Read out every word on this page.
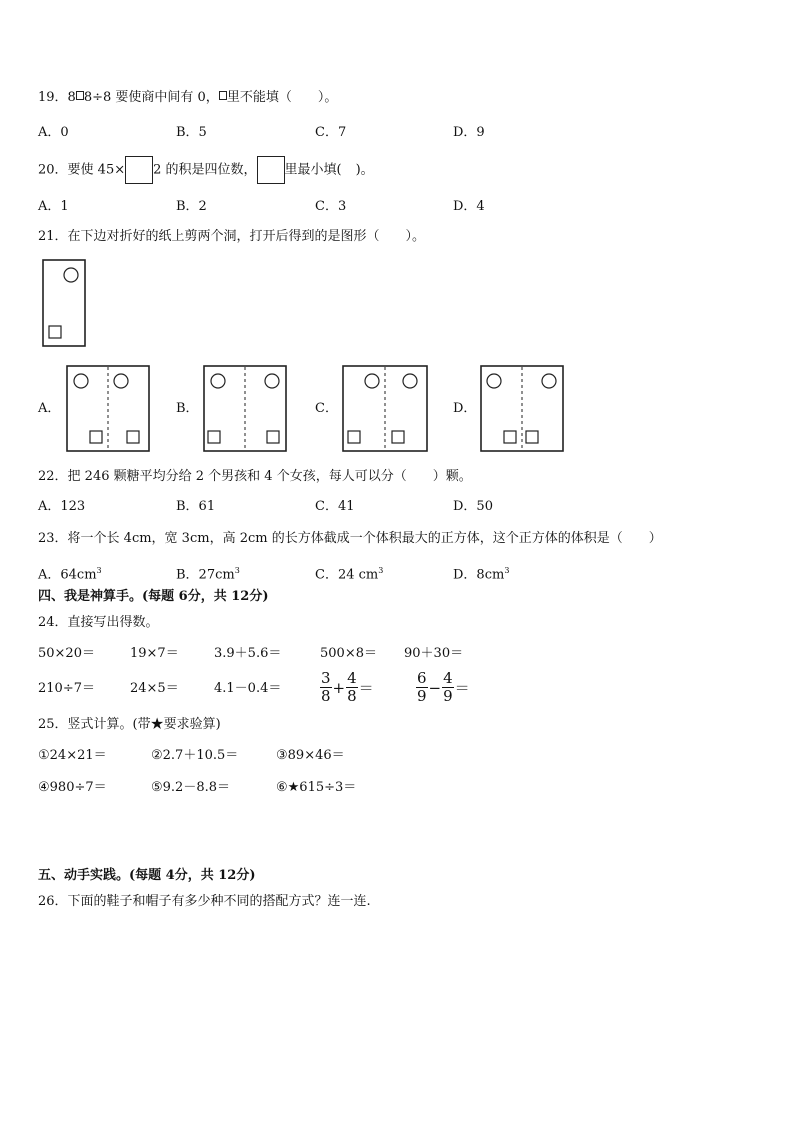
19．8 8÷8 要使商中间有 0， 里不能填（ ）。
A．0	B．5	C．7	D．9
20．要使 45× 2 的积是四位数， 里最小填( )。
A．1	B．2	C．3	D．4
21．在下边对折好的纸上剪两个洞，打开后得到的是图形（ ）。
A．	B．	C．	D．
22．把 246 颗糖平均分给 2 个男孩和 4 个女孩，每人可以分（ ）颗。
A．123	B．61	C．41	D．50
23．将一个长 4cm，宽 3cm，高 2cm 的长方体截成一个体积最大的正方体，这个正方体的体积是（ ）
A．$64cm^3$	B．$27cm^3$	C．24 $cm^3$	D．$8cm^3$
四、我是神算手。(每题 6分，共 12分)
24．直接写出得数。
50×20＝	19×7＝	3.9＋5.6＝	500×8＝ 90＋30＝
210÷7＝	24×5＝	4.1－0.4＝	$\frac{3}{8} + \frac{4}{8}$ ＝	$\frac{6}{9} - \frac{4}{9}$ ＝
25．竖式计算。(带★要求验算)
①24×21＝	②2.7＋10.5＝	③89×46＝
④980÷7＝	⑤9.2－8.8＝	⑥★615÷3＝
五、动手实践。(每题 4分，共 12分)
26．下面的鞋子和帽子有多少种不同的搭配方式？连一连.
